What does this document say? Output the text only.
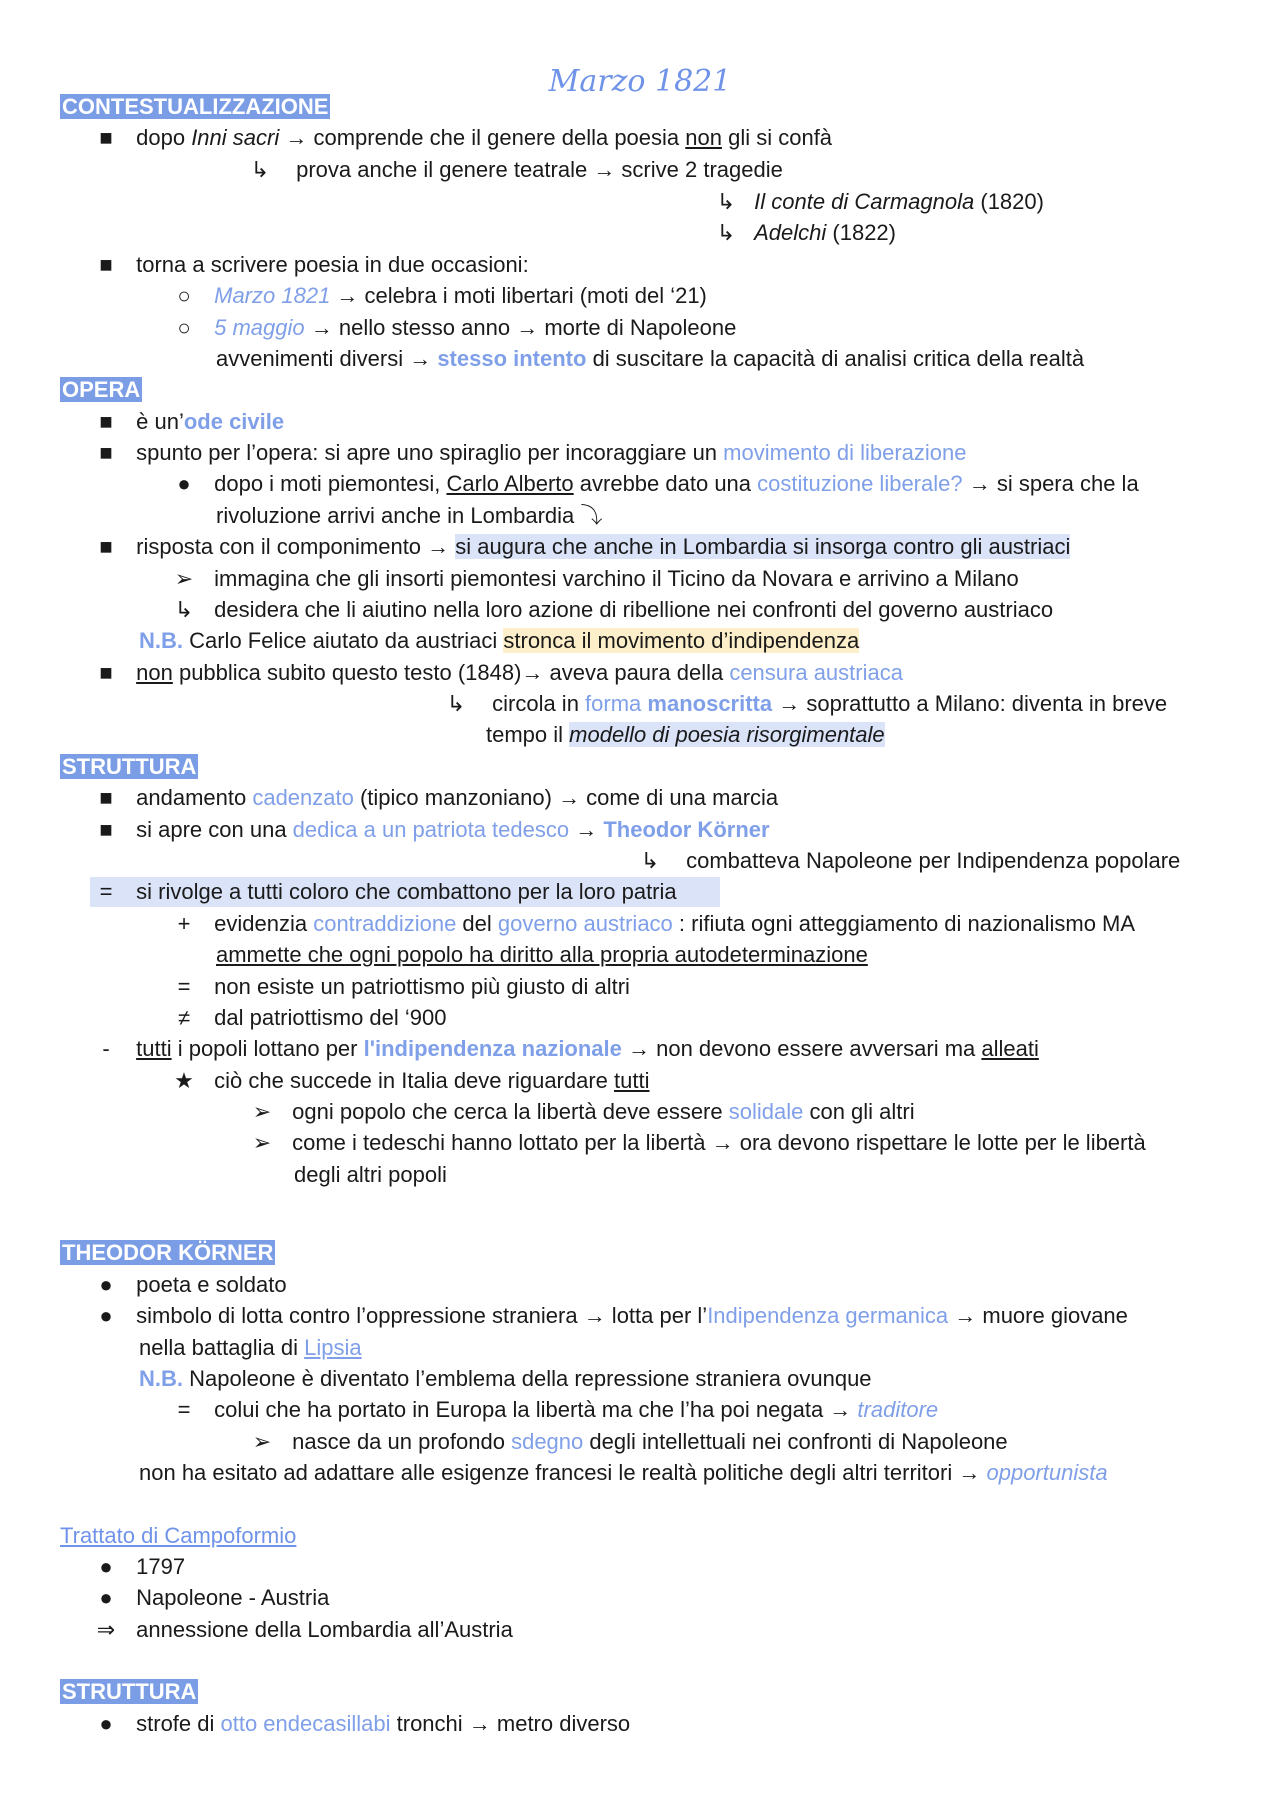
Marzo 1821
CONTESTUALIZZAZIONE
■ dopo Inni sacri → comprende che il genere della poesia non gli si confà
↳ prova anche il genere teatrale → scrive 2 tragedie
↳ Il conte di Carmagnola (1820)
↳ Adelchi (1822)
■ torna a scrivere poesia in due occasioni:
○ Marzo 1821 → celebra i moti libertari (moti del ‘21)
○ 5 maggio → nello stesso anno → morte di Napoleone
avvenimenti diversi → stesso intento di suscitare la capacità di analisi critica della realtà
OPERA
■ è un’ode civile
■ spunto per l’opera: si apre uno spiraglio per incoraggiare un movimento di liberazione
● dopo i moti piemontesi, Carlo Alberto avrebbe dato una costituzione liberale? → si spera che la
rivoluzione arrivi anche in Lombardia ⤵
■ risposta con il componimento → si augura che anche in Lombardia si insorga contro gli austriaci
➢ immagina che gli insorti piemontesi varchino il Ticino da Novara e arrivino a Milano
↳ desidera che li aiutino nella loro azione di ribellione nei confronti del governo austriaco
N.B. Carlo Felice aiutato da austriaci stronca il movimento d’indipendenza
■ non pubblica subito questo testo (1848)→ aveva paura della censura austriaca
↳ circola in forma manoscritta → soprattutto a Milano: diventa in breve
tempo il modello di poesia risorgimentale
STRUTTURA
■ andamento cadenzato (tipico manzoniano) → come di una marcia
■ si apre con una dedica a un patriota tedesco → Theodor Körner
↳ combatteva Napoleone per Indipendenza popolare
= si rivolge a tutti coloro che combattono per la loro patria
+ evidenzia contraddizione del governo austriaco : rifiuta ogni atteggiamento di nazionalismo MA
ammette che ogni popolo ha diritto alla propria autodeterminazione
= non esiste un patriottismo più giusto di altri
≠ dal patriottismo del ‘900
- tutti i popoli lottano per l'indipendenza nazionale → non devono essere avversari ma alleati
★ ciò che succede in Italia deve riguardare tutti
➢ ogni popolo che cerca la libertà deve essere solidale con gli altri
➢ come i tedeschi hanno lottato per la libertà → ora devono rispettare le lotte per le libertà
degli altri popoli
THEODOR KÖRNER
● poeta e soldato
● simbolo di lotta contro l’oppressione straniera → lotta per l’Indipendenza germanica → muore giovane
nella battaglia di Lipsia
N.B. Napoleone è diventato l’emblema della repressione straniera ovunque
= colui che ha portato in Europa la libertà ma che l’ha poi negata → traditore
➢ nasce da un profondo sdegno degli intellettuali nei confronti di Napoleone
non ha esitato ad adattare alle esigenze francesi le realtà politiche degli altri territori → opportunista
Trattato di Campoformio
● 1797
● Napoleone - Austria
⇒ annessione della Lombardia all’Austria
STRUTTURA
● strofe di otto endecasillabi tronchi → metro diverso
